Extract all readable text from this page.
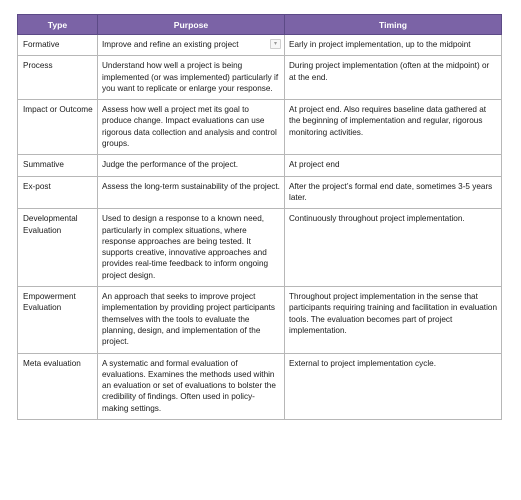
Type	Purpose	Timing
Formative	Improve and refine an existing project ▾	Early in project implementation, up to the midpoint
Process	Understand how well a project is being implemented (or was implemented) particularly if you want to replicate or enlarge your response.	During project implementation (often at the midpoint) or at the end.
Impact or Outcome	Assess how well a project met its goal to produce change. Impact evaluations can use rigorous data collection and analysis and control groups.	At project end. Also requires baseline data gathered at the beginning of implementation and regular, rigorous monitoring activities.
Summative	Judge the performance of the project.	At project end
Ex-post	Assess the long-term sustainability of the project.	After the project’s formal end date, sometimes 3-5 years later.
Developmental Evaluation	Used to design a response to a known need, particularly in complex situations, where response approaches are being tested. It supports creative, innovative approaches and provides real-time feedback to inform ongoing project design.	Continuously throughout project implementation.
Empowerment Evaluation	An approach that seeks to improve project implementation by providing project participants themselves with the tools to evaluate the planning, design, and implementation of the project.	Throughout project implementation in the sense that participants requiring training and facilitation in evaluation tools. The evaluation becomes part of project implementation.
Meta evaluation	A systematic and formal evaluation of evaluations. Examines the methods used within an evaluation or set of evaluations to bolster the credibility of findings. Often used in policy-making settings.	External to project implementation cycle.
